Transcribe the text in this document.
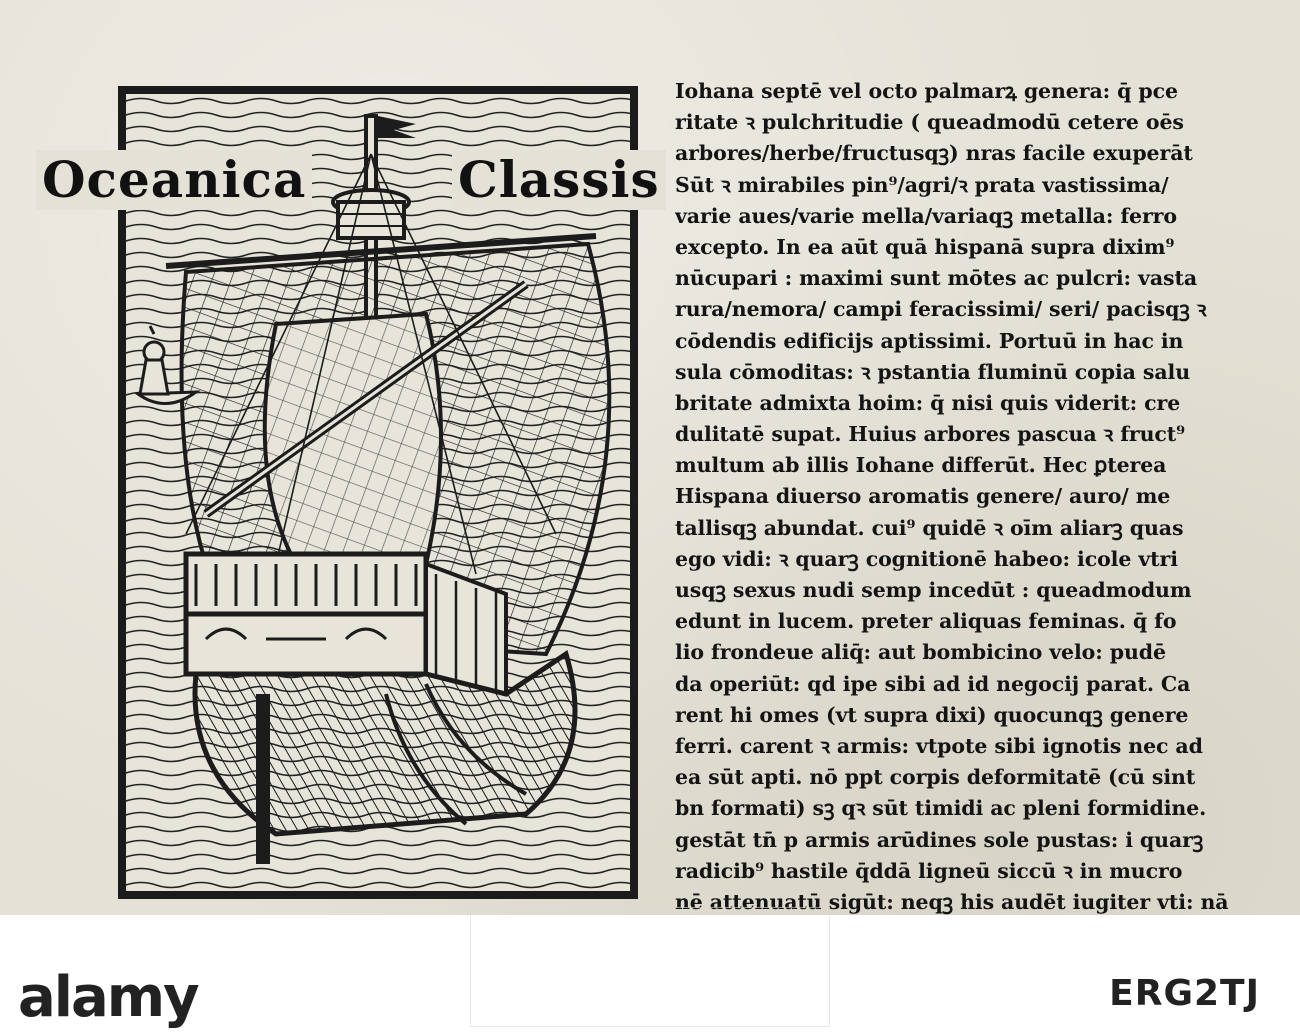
Oceanica	Classis
Iohana septē vel octo palmarꝝ genera: q̄ pce
ritate ꝛ pulchritudie ( queadmodū cetere oēs
arbores/herbe/fructusqꝫ) nras facile exuperāt
Sūt ꝛ mirabiles pin⁹/agri/ꝛ prata vastissima/
varie aues/varie mella/variaqꝫ metalla: ferro
excepto. In ea aūt quā hispanā supra dixim⁹
nūcupari : maximi sunt mōtes ac pulcri: vasta
rura/nemora/ campi feracissimi/ seri/ pacisqꝫ ꝛ
cōdendis edificijs aptissimi. Portuū in hac in
sula cōmoditas: ꝛ pstantia fluminū copia salu
britate admixta hoim: q̄ nisi quis viderit: cre
dulitatē supat. Huius arbores pascua ꝛ fruct⁹
multum ab illis Iohane differūt. Hec ꝑterea
Hispana diuerso aromatis genere/ auro/ me
tallisqꝫ abundat. cui⁹ quidē ꝛ oīm aliarꝫ quas
ego vidi: ꝛ quarꝫ cognitionē habeo: icole vtri
usqꝫ sexus nudi semp incedūt : queadmodum
edunt in lucem. preter aliquas feminas. q̄ fo
lio frondeue aliq̄: aut bombicino velo: pudē
da operiūt: qd ipe sibi ad id negocij parat. Ca
rent hi omes (vt supra dixi) quocunqꝫ genere
ferri. carent ꝛ armis: vtpote sibi ignotis nec ad
ea sūt apti. nō ppt corpis deformitatē (cū sint
bn formati) sꝫ qꝛ sūt timidi ac pleni formidine.
gestāt tn̄ p armis arūdines sole pustas: i quarꝫ
radicib⁹ hastile q̄ddā ligneū siccū ꝛ in mucro
nē attenuatū sigūt: neqꝫ his audēt iugiter vti: nā
alamy	ERG2TJ
